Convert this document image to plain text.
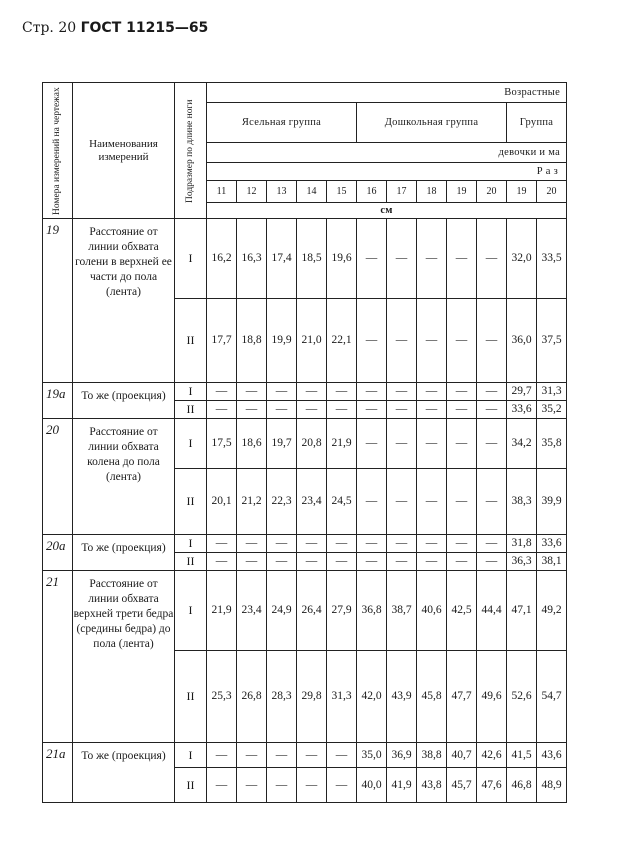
Стр. 20 ГОСТ 11215—65
Номера измерений на чертежах	Наименования измерений	Подразмер по длине ноги	Возрастные											
			Ясельная группа					Дошкольная группа					Группа	
			девочки и ма											
			Р а з											
			11	12	13	14	15	16	17	18	19	20	19	20
			см											
19	Расстояние от линии обхвата голени в верхней ее части до пола (лента)	I	16,2	16,3	17,4	18,5	19,6	—	—	—	—	—	32,0	33,5
		II	17,7	18,8	19,9	21,0	22,1	—	—	—	—	—	36,0	37,5
19а	То же (проекция)	I	—	—	—	—	—	—	—	—	—	—	29,7	31,3
		II	—	—	—	—	—	—	—	—	—	—	33,6	35,2
20	Расстояние от линии обхвата колена до пола (лента)	I	17,5	18,6	19,7	20,8	21,9	—	—	—	—	—	34,2	35,8
		II	20,1	21,2	22,3	23,4	24,5	—	—	—	—	—	38,3	39,9
20а	То же (проекция)	I	—	—	—	—	—	—	—	—	—	—	31,8	33,6
		II	—	—	—	—	—	—	—	—	—	—	36,3	38,1
21	Расстояние от линии обхвата верхней трети бедра (средины бедра) до пола (лента)	I	21,9	23,4	24,9	26,4	27,9	36,8	38,7	40,6	42,5	44,4	47,1	49,2
		II	25,3	26,8	28,3	29,8	31,3	42,0	43,9	45,8	47,7	49,6	52,6	54,7
21а	То же (проекция)	I	—	—	—	—	—	35,0	36,9	38,8	40,7	42,6	41,5	43,6
		II	—	—	—	—	—	40,0	41,9	43,8	45,7	47,6	46,8	48,9
